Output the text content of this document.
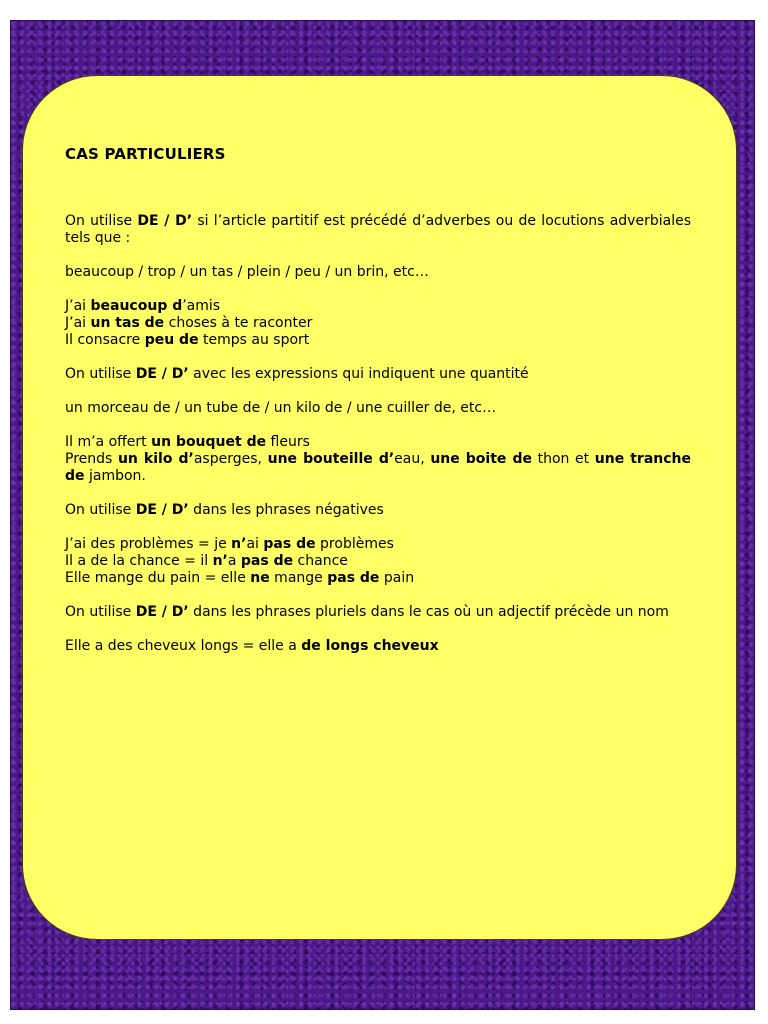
CAS PARTICULIERS

On utilise DE / D’ si l’article partitif est précédé d’adverbes ou de locutions adverbiales tels que :

beaucoup / trop / un tas / plein / peu / un brin, etc…

J’ai beaucoup d’amis

J’ai un tas de choses à te raconter

Il consacre peu de temps au sport

On utilise DE / D’ avec les expressions qui indiquent une quantité

un morceau de / un tube de / un kilo de / une cuiller de, etc…

Il m’a offert un bouquet de fleurs

Prends un kilo d’asperges, une bouteille d’eau, une boite de thon et une tranche de jambon.

On utilise DE / D’ dans les phrases négatives

J’ai des problèmes = je n’ai pas de problèmes

Il a de la chance = il n’a pas de chance

Elle mange du pain = elle ne mange pas de pain

On utilise DE / D’ dans les phrases pluriels dans le cas où un adjectif précède un nom

Elle a des cheveux longs = elle a de longs cheveux
